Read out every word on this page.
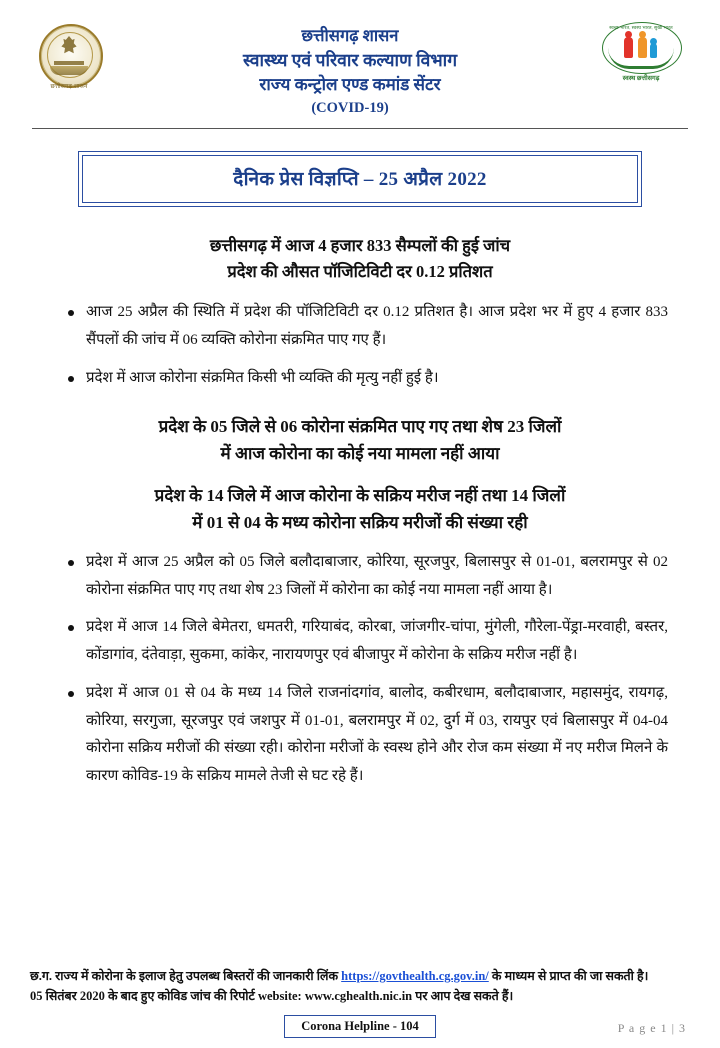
छत्तीसगढ़ शासन
छत्तीसगढ़ शासन
स्वास्थ्य एवं परिवार कल्याण विभाग
राज्य कन्ट्रोल एण्ड कमांड सेंटर
(COVID-19)
स्वच्छ भारत, स्वस्थ भारत, सुखी भारत
स्वस्थ छत्तीसगढ़
दैनिक प्रेस विज्ञप्ति – 25 अप्रैल 2022
छत्तीसगढ़ में आज 4 हजार 833 सैम्पलों की हुई जांच
प्रदेश की औसत पॉजिटिविटी दर 0.12 प्रतिशत
आज 25 अप्रैल की स्थिति में प्रदेश की पॉजिटिविटी दर 0.12 प्रतिशत है। आज प्रदेश भर में हुए 4 हजार 833 सैंपलों की जांच में 06 व्यक्ति कोरोना संक्रमित पाए गए हैं।
प्रदेश में आज कोरोना संक्रमित किसी भी व्यक्ति की मृत्यु नहीं हुई है।
प्रदेश के 05 जिले से 06 कोरोना संक्रमित पाए गए तथा शेष 23 जिलों
में आज कोरोना का कोई नया मामला नहीं आया
प्रदेश के 14 जिले में आज कोरोना के सक्रिय मरीज नहीं तथा 14 जिलों
में 01 से 04 के मध्य कोरोना सक्रिय मरीजों की संख्या रही
प्रदेश में आज 25 अप्रैल को 05 जिले बलौदाबाजार, कोरिया, सूरजपुर, बिलासपुर से 01-01, बलरामपुर से 02 कोरोना संक्रमित पाए गए तथा शेष 23 जिलों में कोरोना का कोई नया मामला नहीं आया है।
प्रदेश में आज 14 जिले बेमेतरा, धमतरी, गरियाबंद, कोरबा, जांजगीर-चांपा, मुंगेली, गौरेला-पेंड्रा-मरवाही, बस्तर, कोंडागांव, दंतेवाड़ा, सुकमा, कांकेर, नारायणपुर एवं बीजापुर में कोरोना के सक्रिय मरीज नहीं है।
प्रदेश में आज 01 से 04 के मध्य 14 जिले राजनांदगांव, बालोद, कबीरधाम, बलौदाबाजार, महासमुंद, रायगढ़, कोरिया, सरगुजा, सूरजपुर एवं जशपुर में 01-01, बलरामपुर में 02, दुर्ग में 03, रायपुर एवं बिलासपुर में 04-04 कोरोना सक्रिय मरीजों की संख्या रही। कोरोना मरीजों के स्वस्थ होने और रोज कम संख्या में नए मरीज मिलने के कारण कोविड-19 के सक्रिय मामले तेजी से घट रहे हैं।
छ.ग. राज्य में कोरोना के इलाज हेतु उपलब्ध बिस्तरों की जानकारी लिंक https://govthealth.cg.gov.in/ के माध्यम से प्राप्त की जा सकती है।
05 सितंबर 2020 के बाद हुए कोविड जांच की रिपोर्ट website: www.cghealth.nic.in पर आप देख सकते हैं।
Corona Helpline - 104	P a g e 1 | 3
